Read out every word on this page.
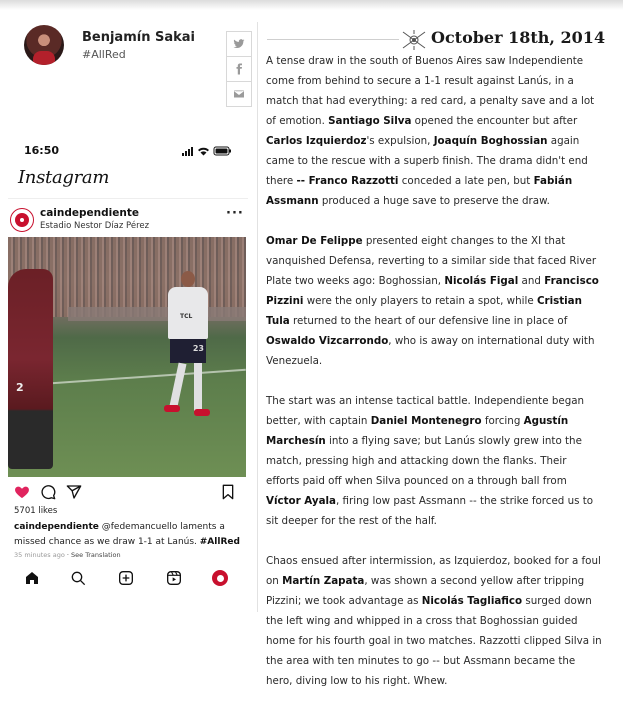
Benjamín Sakai
#AllRed
October 18th, 2014

A tense draw in the south of Buenos Aires saw Independiente come from behind to secure a 1-1 result against Lanús, in a match that had everything: a red card, a penalty save and a lot of emotion. Santiago Silva opened the encounter but after Carlos Izquierdoz's expulsion, Joaquín Boghossian again came to the rescue with a superb finish. The drama didn't end there -- Franco Razzotti conceded a late pen, but Fabián Assmann produced a huge save to preserve the draw.

Omar De Felippe presented eight changes to the XI that vanquished Defensa, reverting to a similar side that faced River Plate two weeks ago: Boghossian, Nicolás Figal and Francisco Pizzini were the only players to retain a spot, while Cristian Tula returned to the heart of our defensive line in place of Oswaldo Vizcarrondo, who is away on international duty with Venezuela.

The start was an intense tactical battle. Independiente began better, with captain Daniel Montenegro forcing Agustín Marchesín into a flying save; but Lanús slowly grew into the match, pressing high and attacking down the flanks. Their efforts paid off when Silva pounced on a through ball from Víctor Ayala, firing low past Assmann -- the strike forced us to sit deeper for the rest of the half.

Chaos ensued after intermission, as Izquierdoz, booked for a foul on Martín Zapata, was shown a second yellow after tripping Pizzini; we took advantage as Nicolás Tagliafico surged down the left wing and whipped in a cross that Boghossian guided home for his fourth goal in two matches. Razzotti clipped Silva in the area with ten minutes to go -- but Assmann became the hero, diving low to his right. Whew.

16:50
Instagram
caindependiente
Estadio Nestor Díaz Pérez
···
2
TCL
23
5701 likes
caindependiente @fedemancuello laments a missed chance as we draw 1-1 at Lanús. #AllRed
35 minutes ago · See Translation
